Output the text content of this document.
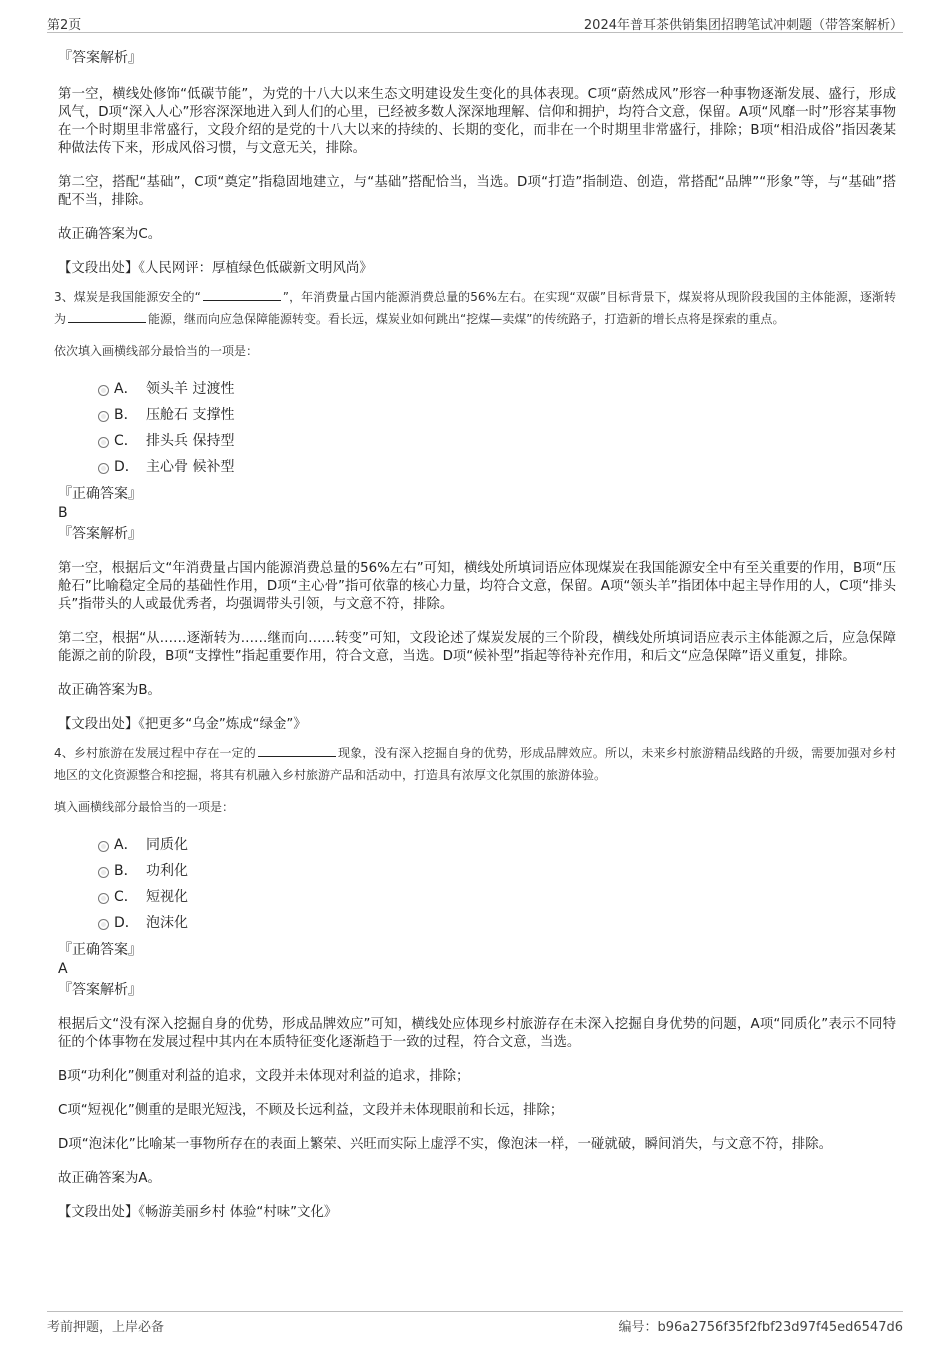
第2页	2024年普耳茶供销集团招聘笔试冲刺题（带答案解析）
『答案解析』

第一空，横线处修饰“低碳节能”，为党的十八大以来生态文明建设发生变化的具体表现。C项“蔚然成风”形容一种事物逐渐发展、盛行，形成风气，D项“深入人心”形容深深地进入到人们的心里，已经被多数人深深地理解、信仰和拥护，均符合文意，保留。A项“风靡一时”形容某事物在一个时期里非常盛行，文段介绍的是党的十八大以来的持续的、长期的变化，而非在一个时期里非常盛行，排除；B项“相沿成俗”指因袭某种做法传下来，形成风俗习惯，与文意无关，排除。

第二空，搭配“基础”，C项“奠定”指稳固地建立，与“基础”搭配恰当，当选。D项“打造”指制造、创造，常搭配“品牌”“形象”等，与“基础”搭配不当，排除。

故正确答案为C。

【文段出处】《人民网评：厚植绿色低碳新文明风尚》

3、煤炭是我国能源安全的“	”，年消费量占国内能源消费总量的56%左右。在实现“双碳”目标背景下，煤炭将从现阶段我国的主体能源，逐渐转为	能源，继而向应急保障能源转变。看长远，煤炭业如何跳出“挖煤—卖煤”的传统路子，打造新的增长点将是探索的重点。

依次填入画横线部分最恰当的一项是：

A． 领头羊 过渡性
B． 压舱石 支撑性
C． 排头兵 保持型
D． 主心骨 候补型
『正确答案』
B
『答案解析』

第一空，根据后文“年消费量占国内能源消费总量的56%左右”可知，横线处所填词语应体现煤炭在我国能源安全中有至关重要的作用，B项“压舱石”比喻稳定全局的基础性作用，D项“主心骨”指可依靠的核心力量，均符合文意，保留。A项“领头羊”指团体中起主导作用的人，C项“排头兵”指带头的人或最优秀者，均强调带头引领，与文意不符，排除。

第二空，根据“从……逐渐转为……继而向……转变”可知，文段论述了煤炭发展的三个阶段，横线处所填词语应表示主体能源之后，应急保障能源之前的阶段，B项“支撑性”指起重要作用，符合文意，当选。D项“候补型”指起等待补充作用，和后文“应急保障”语义重复，排除。

故正确答案为B。

【文段出处】《把更多“乌金”炼成“绿金”》

4、乡村旅游在发展过程中存在一定的	现象，没有深入挖掘自身的优势，形成品牌效应。所以，未来乡村旅游精品线路的升级，需要加强对乡村地区的文化资源整合和挖掘，将其有机融入乡村旅游产品和活动中，打造具有浓厚文化氛围的旅游体验。

填入画横线部分最恰当的一项是：

A． 同质化
B． 功利化
C． 短视化
D． 泡沫化
『正确答案』
A
『答案解析』

根据后文“没有深入挖掘自身的优势，形成品牌效应”可知，横线处应体现乡村旅游存在未深入挖掘自身优势的问题，A项“同质化”表示不同特征的个体事物在发展过程中其内在本质特征变化逐渐趋于一致的过程，符合文意，当选。

B项“功利化”侧重对利益的追求，文段并未体现对利益的追求，排除；

C项“短视化”侧重的是眼光短浅，不顾及长远利益，文段并未体现眼前和长远，排除；

D项“泡沫化”比喻某一事物所存在的表面上繁荣、兴旺而实际上虚浮不实，像泡沫一样，一碰就破，瞬间消失，与文意不符，排除。

故正确答案为A。

【文段出处】《畅游美丽乡村 体验“村味”文化》

考前押题，上岸必备	编号：b96a2756f35f2fbf23d97f45ed6547d6
